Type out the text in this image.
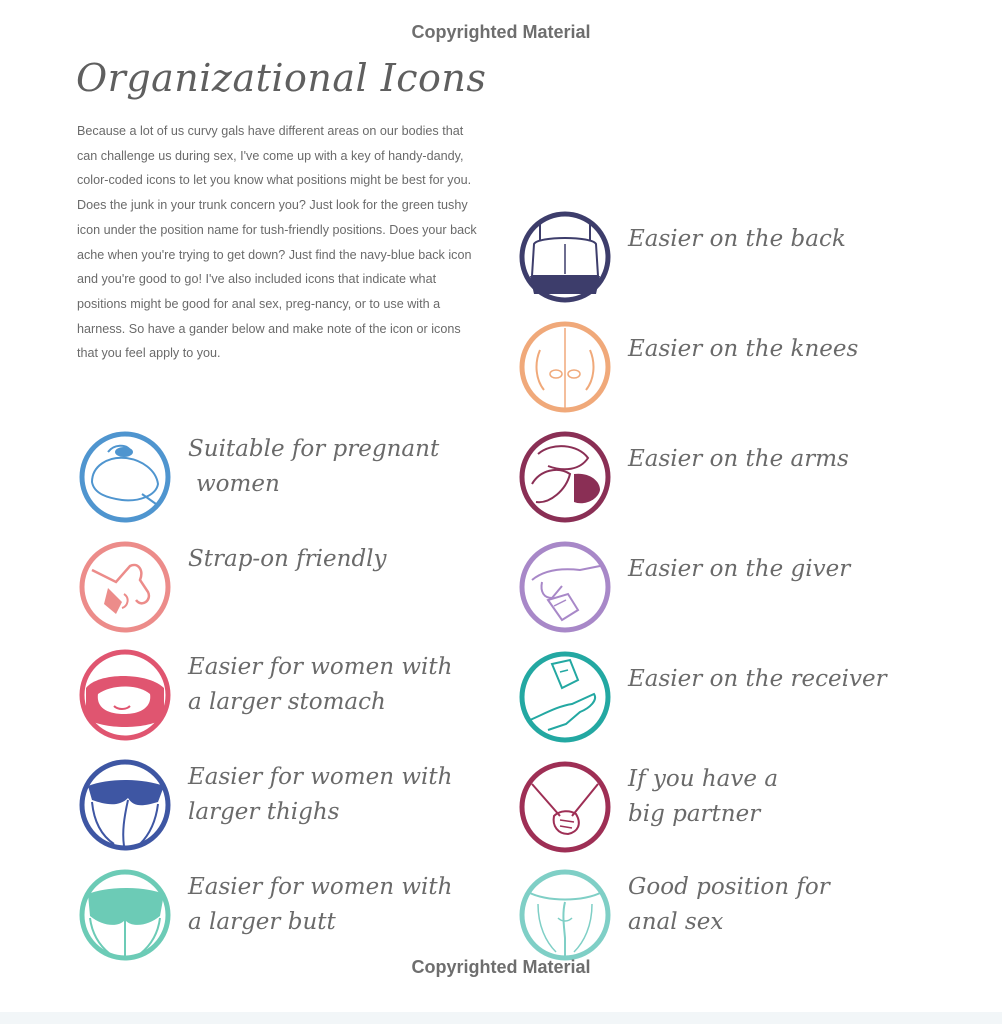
Copyrighted Material
Organizational Icons

Because a lot of us curvy gals have different areas on our bodies that can challenge us during sex, I've come up with a key of handy-dandy, color-coded icons to let you know what positions might be best for you. Does the junk in your trunk concern you? Just look for the green tushy icon under the position name for tush-friendly positions. Does your back ache when you're trying to get down? Just find the navy-blue back icon and you're good to go! I've also included icons that indicate what positions might be good for anal sex, preg-nancy, or to use with a harness. So have a gander below and make note of the icon or icons that you feel apply to you.

Suitable for pregnant
women
Strap-on friendly
Easier for women with
a larger stomach
Easier for women with
larger thighs
Easier for women with
a larger butt
Easier on the back
Easier on the knees
Easier on the arms
Easier on the giver
Easier on the receiver
If you have a
big partner
Good position for
anal sex
Copyrighted Material
